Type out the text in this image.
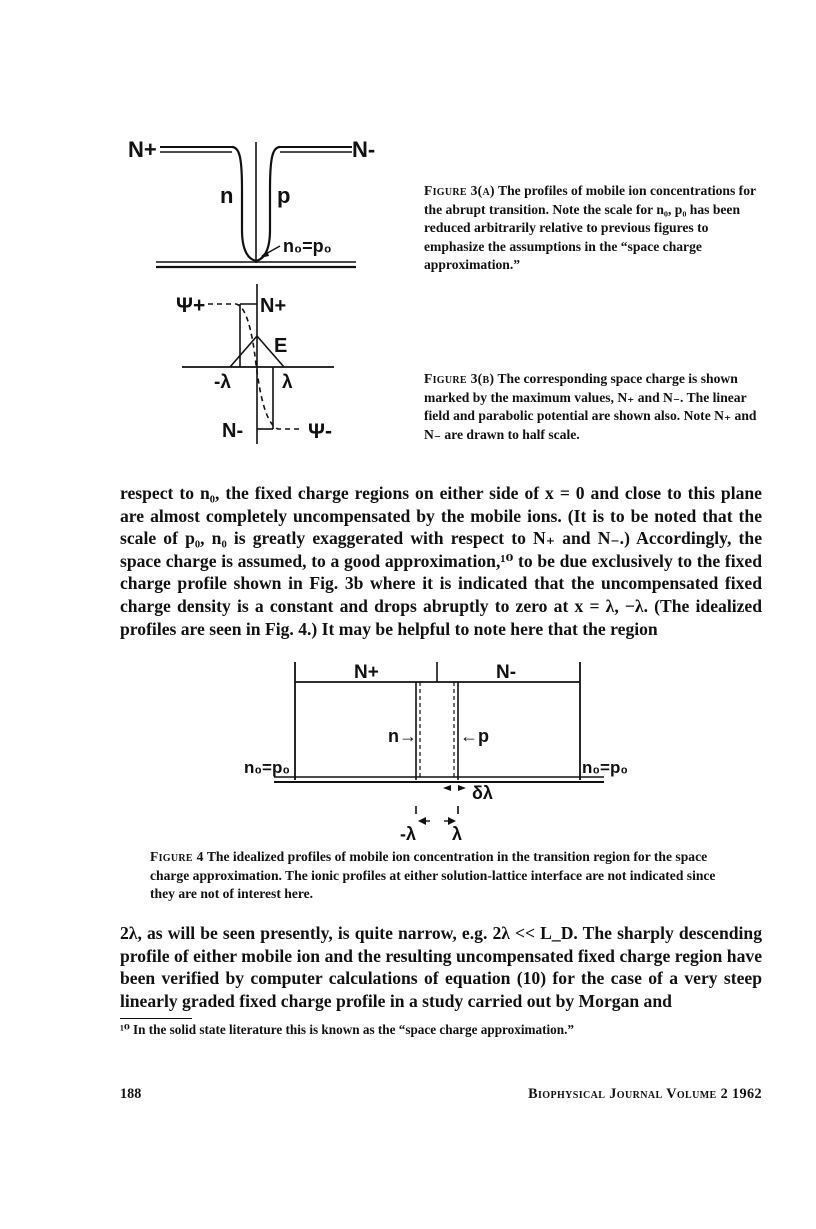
N+	N-
n p
n₀=p₀
Figure 3(a) The profiles of mobile ion concentrations for the abrupt transition. Note the scale for n₀, p₀ has been reduced arbitrarily relative to previous figures to emphasize the assumptions in the “space charge approximation.”
Ψ+	N+
E
-λ	λ
N-	Ψ-
Figure 3(b) The corresponding space charge is shown marked by the maximum values, N₊ and N₋. The linear field and parabolic potential are shown also. Note N₊ and N₋ are drawn to half scale.
respect to n₀, the fixed charge regions on either side of x = 0 and close to this plane are almost completely uncompensated by the mobile ions. (It is to be noted that the scale of p₀, n₀ is greatly exaggerated with respect to N₊ and N₋.) Accordingly, the space charge is assumed, to a good approximation,¹⁰ to be due exclusively to the fixed charge profile shown in Fig. 3b where it is indicated that the uncompensated fixed charge density is a constant and drops abruptly to zero at x = λ, −λ. (The idealized profiles are seen in Fig. 4.) It may be helpful to note here that the region
N+	N-
n→ ←p
n₀=p₀	n₀=p₀
δλ
-λ λ
Figure 4 The idealized profiles of mobile ion concentration in the transition region for the space charge approximation. The ionic profiles at either solution-lattice interface are not indicated since they are not of interest here.
2λ, as will be seen presently, is quite narrow, e.g. 2λ << L_D. The sharply descending profile of either mobile ion and the resulting uncompensated fixed charge region have been verified by computer calculations of equation (10) for the case of a very steep linearly graded fixed charge profile in a study carried out by Morgan and
¹⁰ In the solid state literature this is known as the “space charge approximation.”
188	Biophysical Journal Volume 2 1962
